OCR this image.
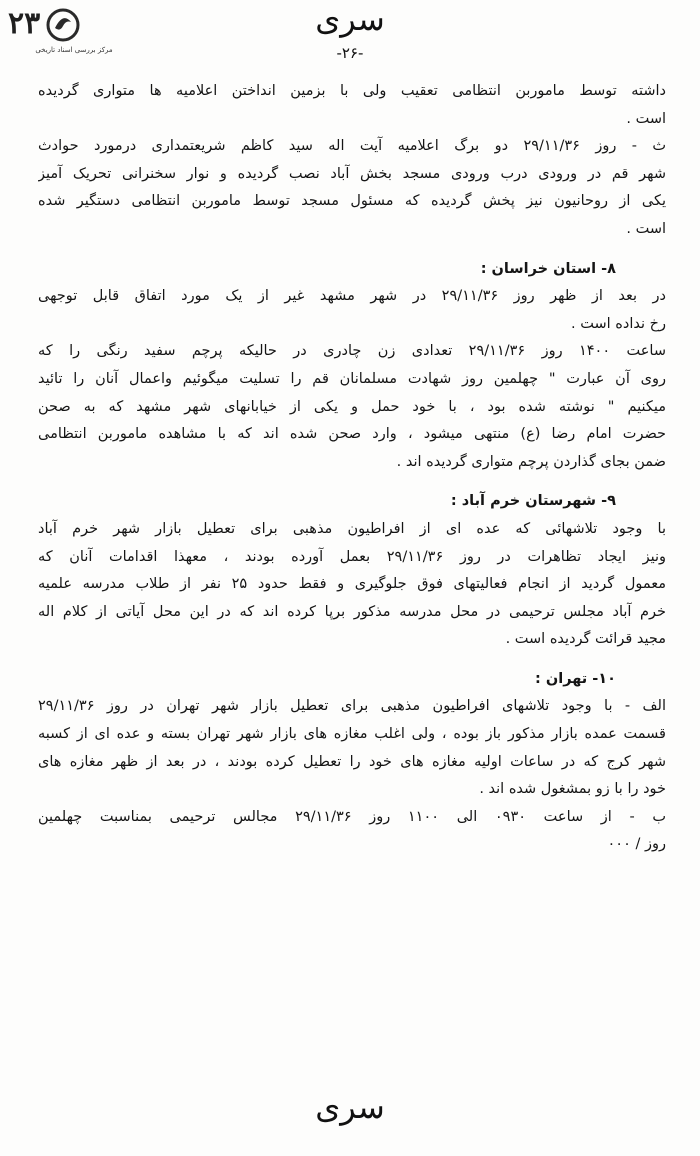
۲۳
مرکز بررسی اسناد تاریخی
سری
-۲۶-
داشته توسط ماموربن انتظامی تعقیب ولی با بزمین انداختن اعلامیه ها متواری گردیده
است .
ث - روز ۲۹/۱۱/۳۶ دو برگ اعلامیه آیت اله سید کاظم شریعتمداری درمورد حوادث
شهر قم در ورودی درب ورودی مسجد بخش آباد نصب گردیده و نوار سخنرانی تحریک آمیز
یکی از روحانیون نیز پخش گردیده که مسئول مسجد توسط ماموربن انتظامی دستگیر شده
است .
۸- استان خراسان :
در بعد از ظهر روز ۲۹/۱۱/۳۶ در شهر مشهد غیر از یک مورد اتفاق قابل توجهی
رخ نداده است .
ساعت ۱۴۰۰ روز ۲۹/۱۱/۳۶ تعدادی زن چادری در حالیکه پرچم سفید رنگی را که
روی آن عبارت " چهلمین روز شهادت مسلمانان قم را تسلیت میگوئیم واعمال آنان را تائید
میکنیم " نوشته شده بود ، با خود حمل و یکی از خیابانهای شهر مشهد که به صحن
حضرت امام رضا (ع) منتهی میشود ، وارد صحن شده اند که با مشاهده ماموربن انتظامی
ضمن بجای گذاردن پرچم متواری گردیده اند .
۹- شهرستان خرم آباد :
با وجود تلاشهائی که عده ای از افراطیون مذهبی برای تعطیل بازار شهر خرم آباد
ونیز ایجاد تظاهرات در روز ۲۹/۱۱/۳۶ بعمل آورده بودند ، معهذا اقدامات آنان که
معمول گردید از انجام فعالیتهای فوق جلوگیری و فقط حدود ۲۵ نفر از طلاب مدرسه علمیه
خرم آباد مجلس ترحیمی در محل مدرسه مذکور برپا کرده اند که در این محل آیاتی از کلام اله
مجید قرائت گردیده است .
۱۰- تهران :
الف - با وجود تلاشهای افراطیون مذهبی برای تعطیل بازار شهر تهران در روز ۲۹/۱۱/۳۶
قسمت عمده بازار مذکور باز بوده ، ولی اغلب مغازه های بازار شهر تهران بسته و عده ای از کسبه
شهر کرج که در ساعات اولیه مغازه های خود را تعطیل کرده بودند ، در بعد از ظهر مغازه های
خود را با زو بمشغول شده اند .
ب - از ساعت ۰۹۳۰ الی ۱۱۰۰ روز ۲۹/۱۱/۳۶ مجالس ترحیمی بمناسبت چهلمین
روز / ۰۰۰
سری
